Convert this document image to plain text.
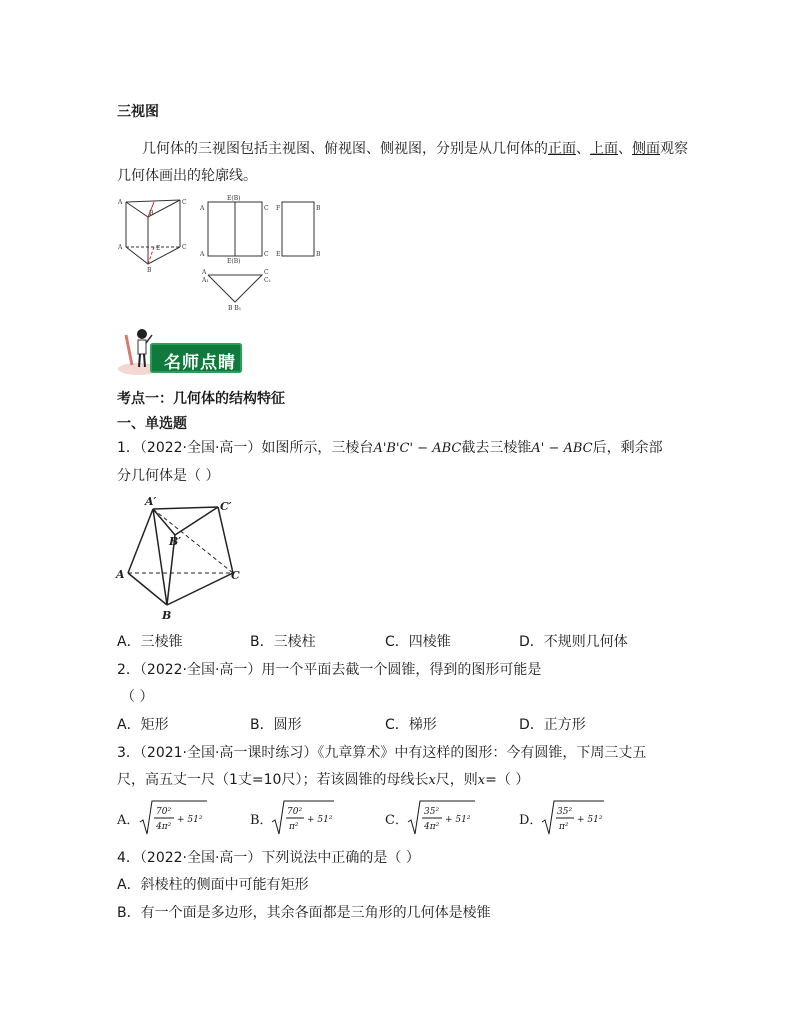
三视图
几何体的三视图包括主视图、俯视图、侧视图，分别是从几何体的正面、上面、侧面观察
几何体画出的轮廓线。
A
B
C
A	E	C
B
A	C
E(B)
A	C
E(B)
F	B
E	B
A
A₁
C
C₁
B B₁
名师点睛
考点一：几何体的结构特征
一、单选题
1．（2022·全国·高一）如图所示，三棱台A'B'C' − ABC截去三棱锥A' − ABC后，剩余部
分几何体是（ ）
A′	C′
B′
A	C
B
A．三棱锥	B．三棱柱	C．四棱锥	D．不规则几何体
2．（2022·全国·高一）用一个平面去截一个圆锥，得到的图形可能是
（ ）
A．矩形	B．圆形	C．梯形	D．正方形
3．（2021·全国·高一课时练习）《九章算术》中有这样的图形：今有圆锥，下周三丈五
尺，高五丈一尺（1丈=10尺）；若该圆锥的母线长x尺，则x=（ ）
A．	B．	C．	D．
70²
4π²
+ 51²
70²
π²
+ 51²
35²
4π²
+ 51²
35²
π²
+ 51²
4．（2022·全国·高一）下列说法中正确的是（ ）
A．斜棱柱的侧面中可能有矩形
B．有一个面是多边形，其余各面都是三角形的几何体是棱锥
